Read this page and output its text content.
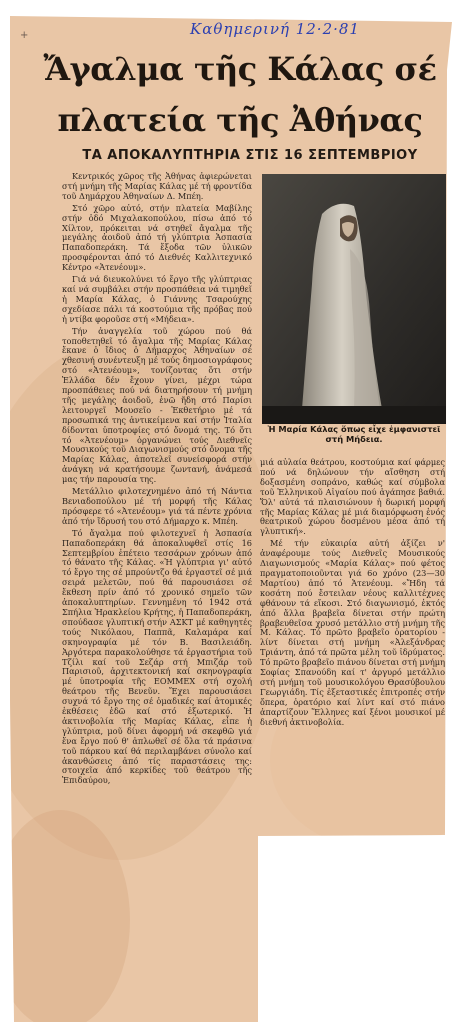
+	Καθημερινή 12·2·81
Ἄγαλμα τῆς Κάλας σέ πλατεία τῆς Ἀθήνας
ΤΑ ΑΠΟΚΑΛΥΠΤΗΡΙΑ ΣΤΙΣ 16 ΣΕΠΤΕΜΒΡΙΟΥ

Κεντρικός χῶρος τῆς Ἀθήνας ἀφιερώνεται στή μνήμη τῆς Μαρίας Κάλας μέ τή φροντίδα τοῦ Δημάρχου Ἀθηναίων Δ. Μπέη.

Στό χῶρο αὐτό, στήν πλατεία Μαβίλης στήν ὁδό Μιχαλακοπούλου, πίσω ἀπό τό Χίλτον, πρόκειται νά στηθεῖ ἄγαλμα τῆς μεγάλης ἀοιδοῦ ἀπό τή γλύπτρια Ἀσπασία Παπαδοπεράκη. Τά ἔξοδα τῶν ὑλικῶν προσφέρονται ἀπό τό Διεθνές Καλλιτεχνικό Κέντρο «Ἀτενέουμ».

Γιά νά διευκολύνει τό ἔργο τῆς γλύπτριας καί νά συμβάλει στήν προσπάθεια νά τιμηθεῖ ἡ Μαρία Κάλας, ὁ Γιάννης Τσαρούχης σχεδίασε πάλι τά κοστούμια τῆς πρόβας πού ἡ ντίβα φοροῦσε στή «Μήδεια».

Τήν ἀναγγελία τοῦ χώρου πού θά τοποθετηθεῖ τό ἄγαλμα τῆς Μαρίας Κάλας ἔκανε ὁ ἴδιος ὁ Δήμαρχος Ἀθηναίων σέ χθεσινή συνέντευξη μέ τούς δημοσιογράφους στό «Ἀτενέουμ», τονίζοντας ὅτι στήν Ἑλλάδα δέν ἔχουν γίνει, μέχρι τώρα προσπάθειες πού νά διατηρήσουν τή μνήμη τῆς μεγάλης ἀοιδοῦ, ἐνῶ ἤδη στό Παρίσι λειτουργεῖ Μουσεῖο - Ἐκθετήριο μέ τά προσωπικά της ἀντικείμενα καί στήν Ἰταλία δίδονται ὑποτροφίες στό ὄνομά της. Τό ὅτι τό «Ἀτενέουμ» ὀργανώνει τούς Διεθνεῖς Μουσικούς τοῦ Διαγωνισμούς στό ὄνομα τῆς Μαρίας Κάλας, ἀποτελεῖ συνείσφορά στήν ἀνάγκη νά κρατήσουμε ζωντανή, ἀνάμεσά μας τήν παρουσία της.

Μετάλλιο φιλοτεχνημένο ἀπό τή Νάντια Βενιαδοπούλου μέ τή μορφή τῆς Κάλας πρόσφερε τό «Ἀτενέουμ» γιά τά πέντε χρόνια ἀπό τήν ἵδρυσή του στό Δήμαρχο κ. Μπέη.

Τό ἄγαλμα πού φιλοτεχνεῖ ἡ Ἀσπασία Παπαδοπεράκη θά ἀποκαλυφθεῖ στίς 16 Σεπτεμβρίου ἐπέτειο τεσσάρων χρόνων ἀπό τό θάνατο τῆς Κάλας. «Ἡ γλύπτρια γι' αὐτό τό ἔργο της σέ μπρούντζο θά ἐργαστεῖ σέ μιά σειρά μελετῶν, πού θά παρουσιάσει σέ ἔκθεση πρίν ἀπό τό χρονικό σημεῖο τῶν ἀποκαλυπτηρίων. Γεννημένη τό 1942 στά Σπήλια Ἡρακλείου Κρήτης, ἡ Παπαδοπεράκη, σπούδασε γλυπτική στήν ΑΣΚΤ μέ καθηγητές τούς Νικόλαου, Παππᾶ, Καλαμάρα καί σκηνογραφία μέ τόν Β. Βασιλειάδη. Ἀργότερα παρακολούθησε τά ἐργαστήρια τοῦ Τζίλι καί τοῦ Σεζάρ στή Μπιζάρ τοῦ Παρισιοῦ, ἀρχιτεκτονική καί σκηνογραφία μέ ὑποτροφία τῆς ΕΟΜΜΕΧ στή σχολή θεάτρου τῆς Βενεῦν. Ἔχει παρουσιάσει συχνά τό ἔργο της σέ ὁμαδικές καί ἀτομικές ἐκθέσεις ἐδῶ καί στό ἐξωτερικό. Ἡ ἀκτινοβολία τῆς Μαρίας Κάλας, εἶπε ἡ γλύπτρια, μοῦ δίνει ἀφορμή νά σκεφθῶ γιά ἕνα ἔργο πού θ' ἀπλωθεῖ σέ ὅλα τά πράσινα τοῦ πάρκου καί θά περιλαμβάνει σύνολο καί ἀκανθώσεις ἀπό τίς παραστάσεις της: στοιχεῖα ἀπό κερκίδες τοῦ θεάτρου τῆς Ἐπιδαύρου,

Ἡ Μαρία Κάλας ὅπως εἶχε ἐμφανιστεῖ στή Μήδεια.

μιά αὐλαία θεάτρου, κοστούμια καί φάρμες πού νά δηλώνουν τήν αἴσθηση στή δοξασμένη σοπράνο, καθώς καί σύμβολα τοῦ Ἑλληνικοῦ Αἰγαίου πού ἀγάπησε βαθιά. Ὅλ' αὐτά τά πλαισιώνουν ἡ δωρική μορφή τῆς Μαρίας Κάλας μέ μιά διαμόρφωση ἑνός θεατρικοῦ χώρου δοσμένου μέσα ἀπό τή γλυπτική».

Μέ τήν εὐκαιρία αὐτή ἀξίζει ν' ἀναφέρουμε τούς Διεθνεῖς Μουσικούς Διαγωνισμούς «Μαρία Κάλας» πού φέτος πραγματοποιοῦνται γιά 6ο χρόνο (23—30 Μαρτίου) ἀπό τό Ἀτενέουμ. «Ἤδη τά κοσάτη πού ἔστειλαν νέους καλλιτέχνες φθάνουν τά εἴκοσι. Στό διαγωνισμό, ἐκτός ἀπό ἄλλα βραβεῖα δίνεται στήν πρώτη βραβευθεῖσα χρυσό μετάλλιο στή μνήμη τῆς Μ. Κάλας. Τό πρῶτο βραβεῖο ὀρατορίου - λίντ δίνεται στή μνήμη «Ἀλεξάνδρας Τριάντη, ἀπό τά πρῶτα μέλη τοῦ ἱδρύματος. Τό πρῶτο βραβεῖο πιάνου δίνεται στή μνήμη Σοφίας Σπανούδη καί τ' ἀργυρό μετάλλιο στή μνήμη τοῦ μουσικολόγου Θρασύβουλου Γεωργιάδη. Τίς ἐξεταστικές ἐπιτροπές στήν ὄπερα, ὀρατόριο καί λίντ καί στό πιάνο ἀπαρτίζουν Ἕλληνες καί ξένοι μουσικοί μέ διεθνή ἀκτινοβολία.
